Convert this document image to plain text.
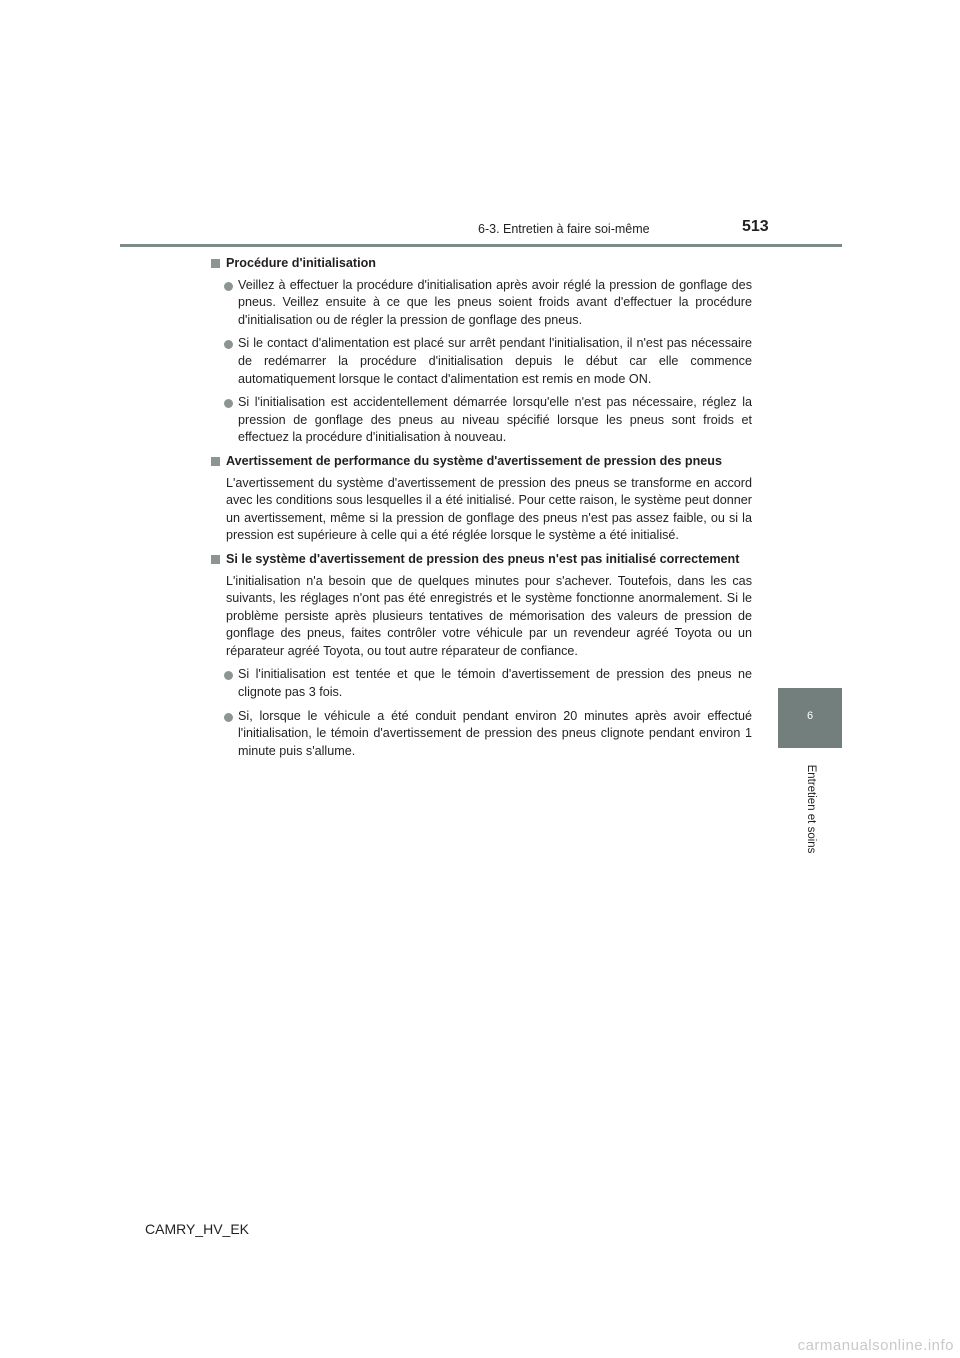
6-3. Entretien à faire soi-même	513
6
Entretien et soins
Procédure d'initialisation
Veillez à effectuer la procédure d'initialisation après avoir réglé la pression de gonflage des pneus. Veillez ensuite à ce que les pneus soient froids avant d'effectuer la procédure d'initialisation ou de régler la pression de gonflage des pneus.
Si le contact d'alimentation est placé sur arrêt pendant l'initialisation, il n'est pas nécessaire de redémarrer la procédure d'initialisation depuis le début car elle commence automatiquement lorsque le contact d'alimentation est remis en mode ON.
Si l'initialisation est accidentellement démarrée lorsqu'elle n'est pas nécessaire, réglez la pression de gonflage des pneus au niveau spécifié lorsque les pneus sont froids et effectuez la procédure d'initialisation à nouveau.
Avertissement de performance du système d'avertissement de pression des pneus
L'avertissement du système d'avertissement de pression des pneus se transforme en accord avec les conditions sous lesquelles il a été initialisé. Pour cette raison, le système peut donner un avertissement, même si la pression de gonflage des pneus n'est pas assez faible, ou si la pression est supérieure à celle qui a été réglée lorsque le système a été initialisé.
Si le système d'avertissement de pression des pneus n'est pas initialisé correctement
L'initialisation n'a besoin que de quelques minutes pour s'achever. Toutefois, dans les cas suivants, les réglages n'ont pas été enregistrés et le système fonctionne anormalement. Si le problème persiste après plusieurs tentatives de mémorisation des valeurs de pression de gonflage des pneus, faites contrôler votre véhicule par un revendeur agréé Toyota ou un réparateur agréé Toyota, ou tout autre réparateur de confiance.
Si l'initialisation est tentée et que le témoin d'avertissement de pression des pneus ne clignote pas 3 fois.
Si, lorsque le véhicule a été conduit pendant environ 20 minutes après avoir effectué l'initialisation, le témoin d'avertissement de pression des pneus clignote pendant environ 1 minute puis s'allume.
CAMRY_HV_EK
carmanualsonline.info
